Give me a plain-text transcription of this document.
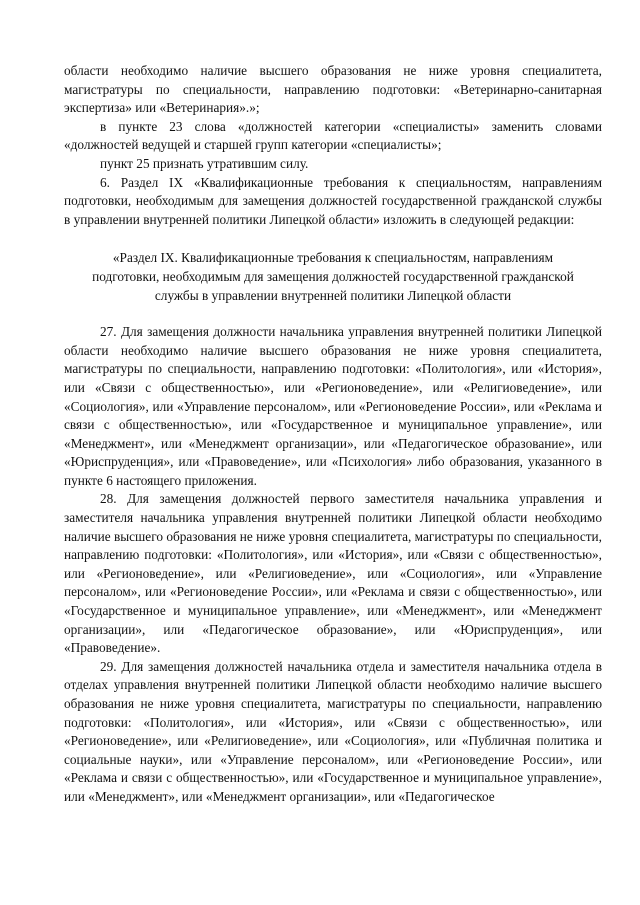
области необходимо наличие высшего образования не ниже уровня специалитета, магистратуры по специальности, направлению подготовки: «Ветеринарно-санитарная экспертиза» или «Ветеринария».»;

в пункте 23 слова «должностей категории «специалисты» заменить словами «должностей ведущей и старшей групп категории «специалисты»;

пункт 25 признать утратившим силу.

6. Раздел IX «Квалификационные требования к специальностям, направлениям подготовки, необходимым для замещения должностей государственной гражданской службы в управлении внутренней политики Липецкой области» изложить в следующей редакции:

«Раздел IX. Квалификационные требования к специальностям, направлениям подготовки, необходимым для замещения должностей государственной гражданской службы в управлении внутренней политики Липецкой области

27. Для замещения должности начальника управления внутренней политики Липецкой области необходимо наличие высшего образования не ниже уровня специалитета, магистратуры по специальности, направлению подготовки: «Политология», или «История», или «Связи с общественностью», или «Регионоведение», или «Религиоведение», или «Социология», или «Управление персоналом», или «Регионоведение России», или «Реклама и связи с общественностью», или «Государственное и муниципальное управление», или «Менеджмент», или «Менеджмент организации», или «Педагогическое образование», или «Юриспруденция», или «Правоведение», или «Психология» либо образования, указанного в пункте 6 настоящего приложения.

28. Для замещения должностей первого заместителя начальника управления и заместителя начальника управления внутренней политики Липецкой области необходимо наличие высшего образования не ниже уровня специалитета, магистратуры по специальности, направлению подготовки: «Политология», или «История», или «Связи с общественностью», или «Регионоведение», или «Религиоведение», или «Социология», или «Управление персоналом», или «Регионоведение России», или «Реклама и связи с общественностью», или «Государственное и муниципальное управление», или «Менеджмент», или «Менеджмент организации», или «Педагогическое образование», или «Юриспруденция», или «Правоведение».

29. Для замещения должностей начальника отдела и заместителя начальника отдела в отделах управления внутренней политики Липецкой области необходимо наличие высшего образования не ниже уровня специалитета, магистратуры по специальности, направлению подготовки: «Политология», или «История», или «Связи с общественностью», или «Регионоведение», или «Религиоведение», или «Социология», или «Публичная политика и социальные науки», или «Управление персоналом», или «Регионоведение России», или «Реклама и связи с общественностью», или «Государственное и муниципальное управление», или «Менеджмент», или «Менеджмент организации», или «Педагогическое
